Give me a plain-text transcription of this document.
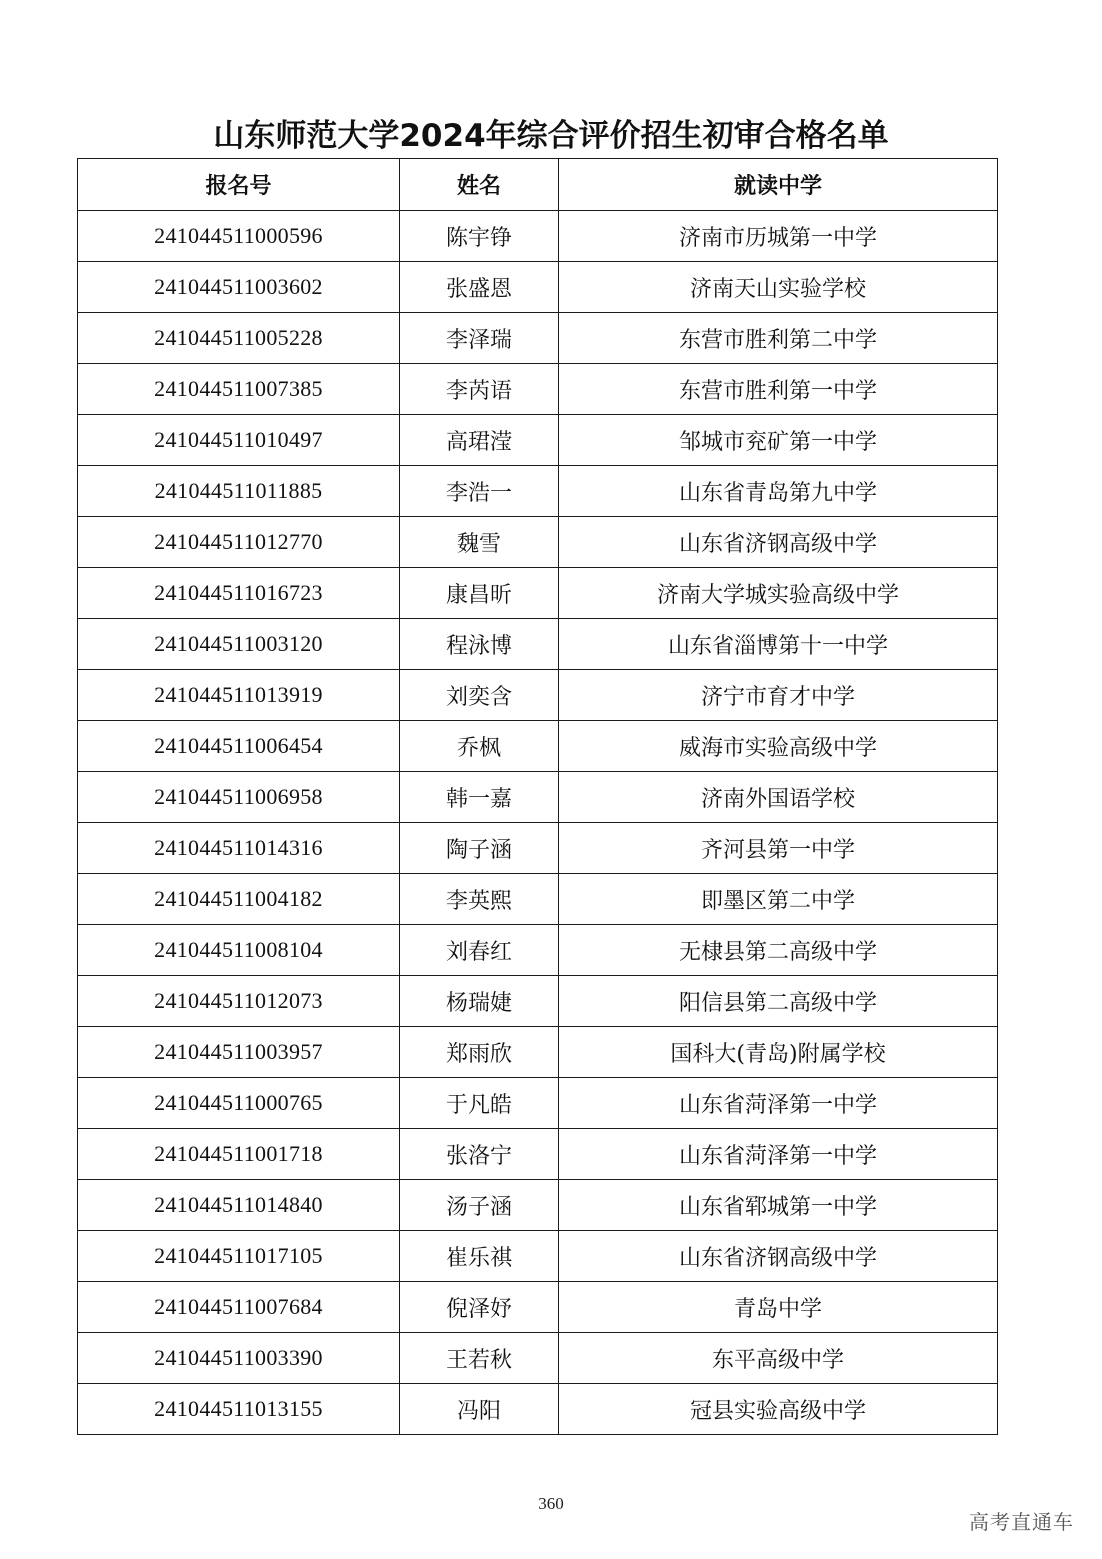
山东师范大学2024年综合评价招生初审合格名单
报名号	姓名	就读中学
241044511000596	陈宇铮	济南市历城第一中学
241044511003602	张盛恩	济南天山实验学校
241044511005228	李泽瑞	东营市胜利第二中学
241044511007385	李芮语	东营市胜利第一中学
241044511010497	高珺滢	邹城市兖矿第一中学
241044511011885	李浩一	山东省青岛第九中学
241044511012770	魏雪	山东省济钢高级中学
241044511016723	康昌昕	济南大学城实验高级中学
241044511003120	程泳博	山东省淄博第十一中学
241044511013919	刘奕含	济宁市育才中学
241044511006454	乔枫	威海市实验高级中学
241044511006958	韩一嘉	济南外国语学校
241044511014316	陶子涵	齐河县第一中学
241044511004182	李英熙	即墨区第二中学
241044511008104	刘春红	无棣县第二高级中学
241044511012073	杨瑞婕	阳信县第二高级中学
241044511003957	郑雨欣	国科大(青岛)附属学校
241044511000765	于凡皓	山东省菏泽第一中学
241044511001718	张洛宁	山东省菏泽第一中学
241044511014840	汤子涵	山东省郓城第一中学
241044511017105	崔乐祺	山东省济钢高级中学
241044511007684	倪泽妤	青岛中学
241044511003390	王若秋	东平高级中学
241044511013155	冯阳	冠县实验高级中学
360
高考直通车
